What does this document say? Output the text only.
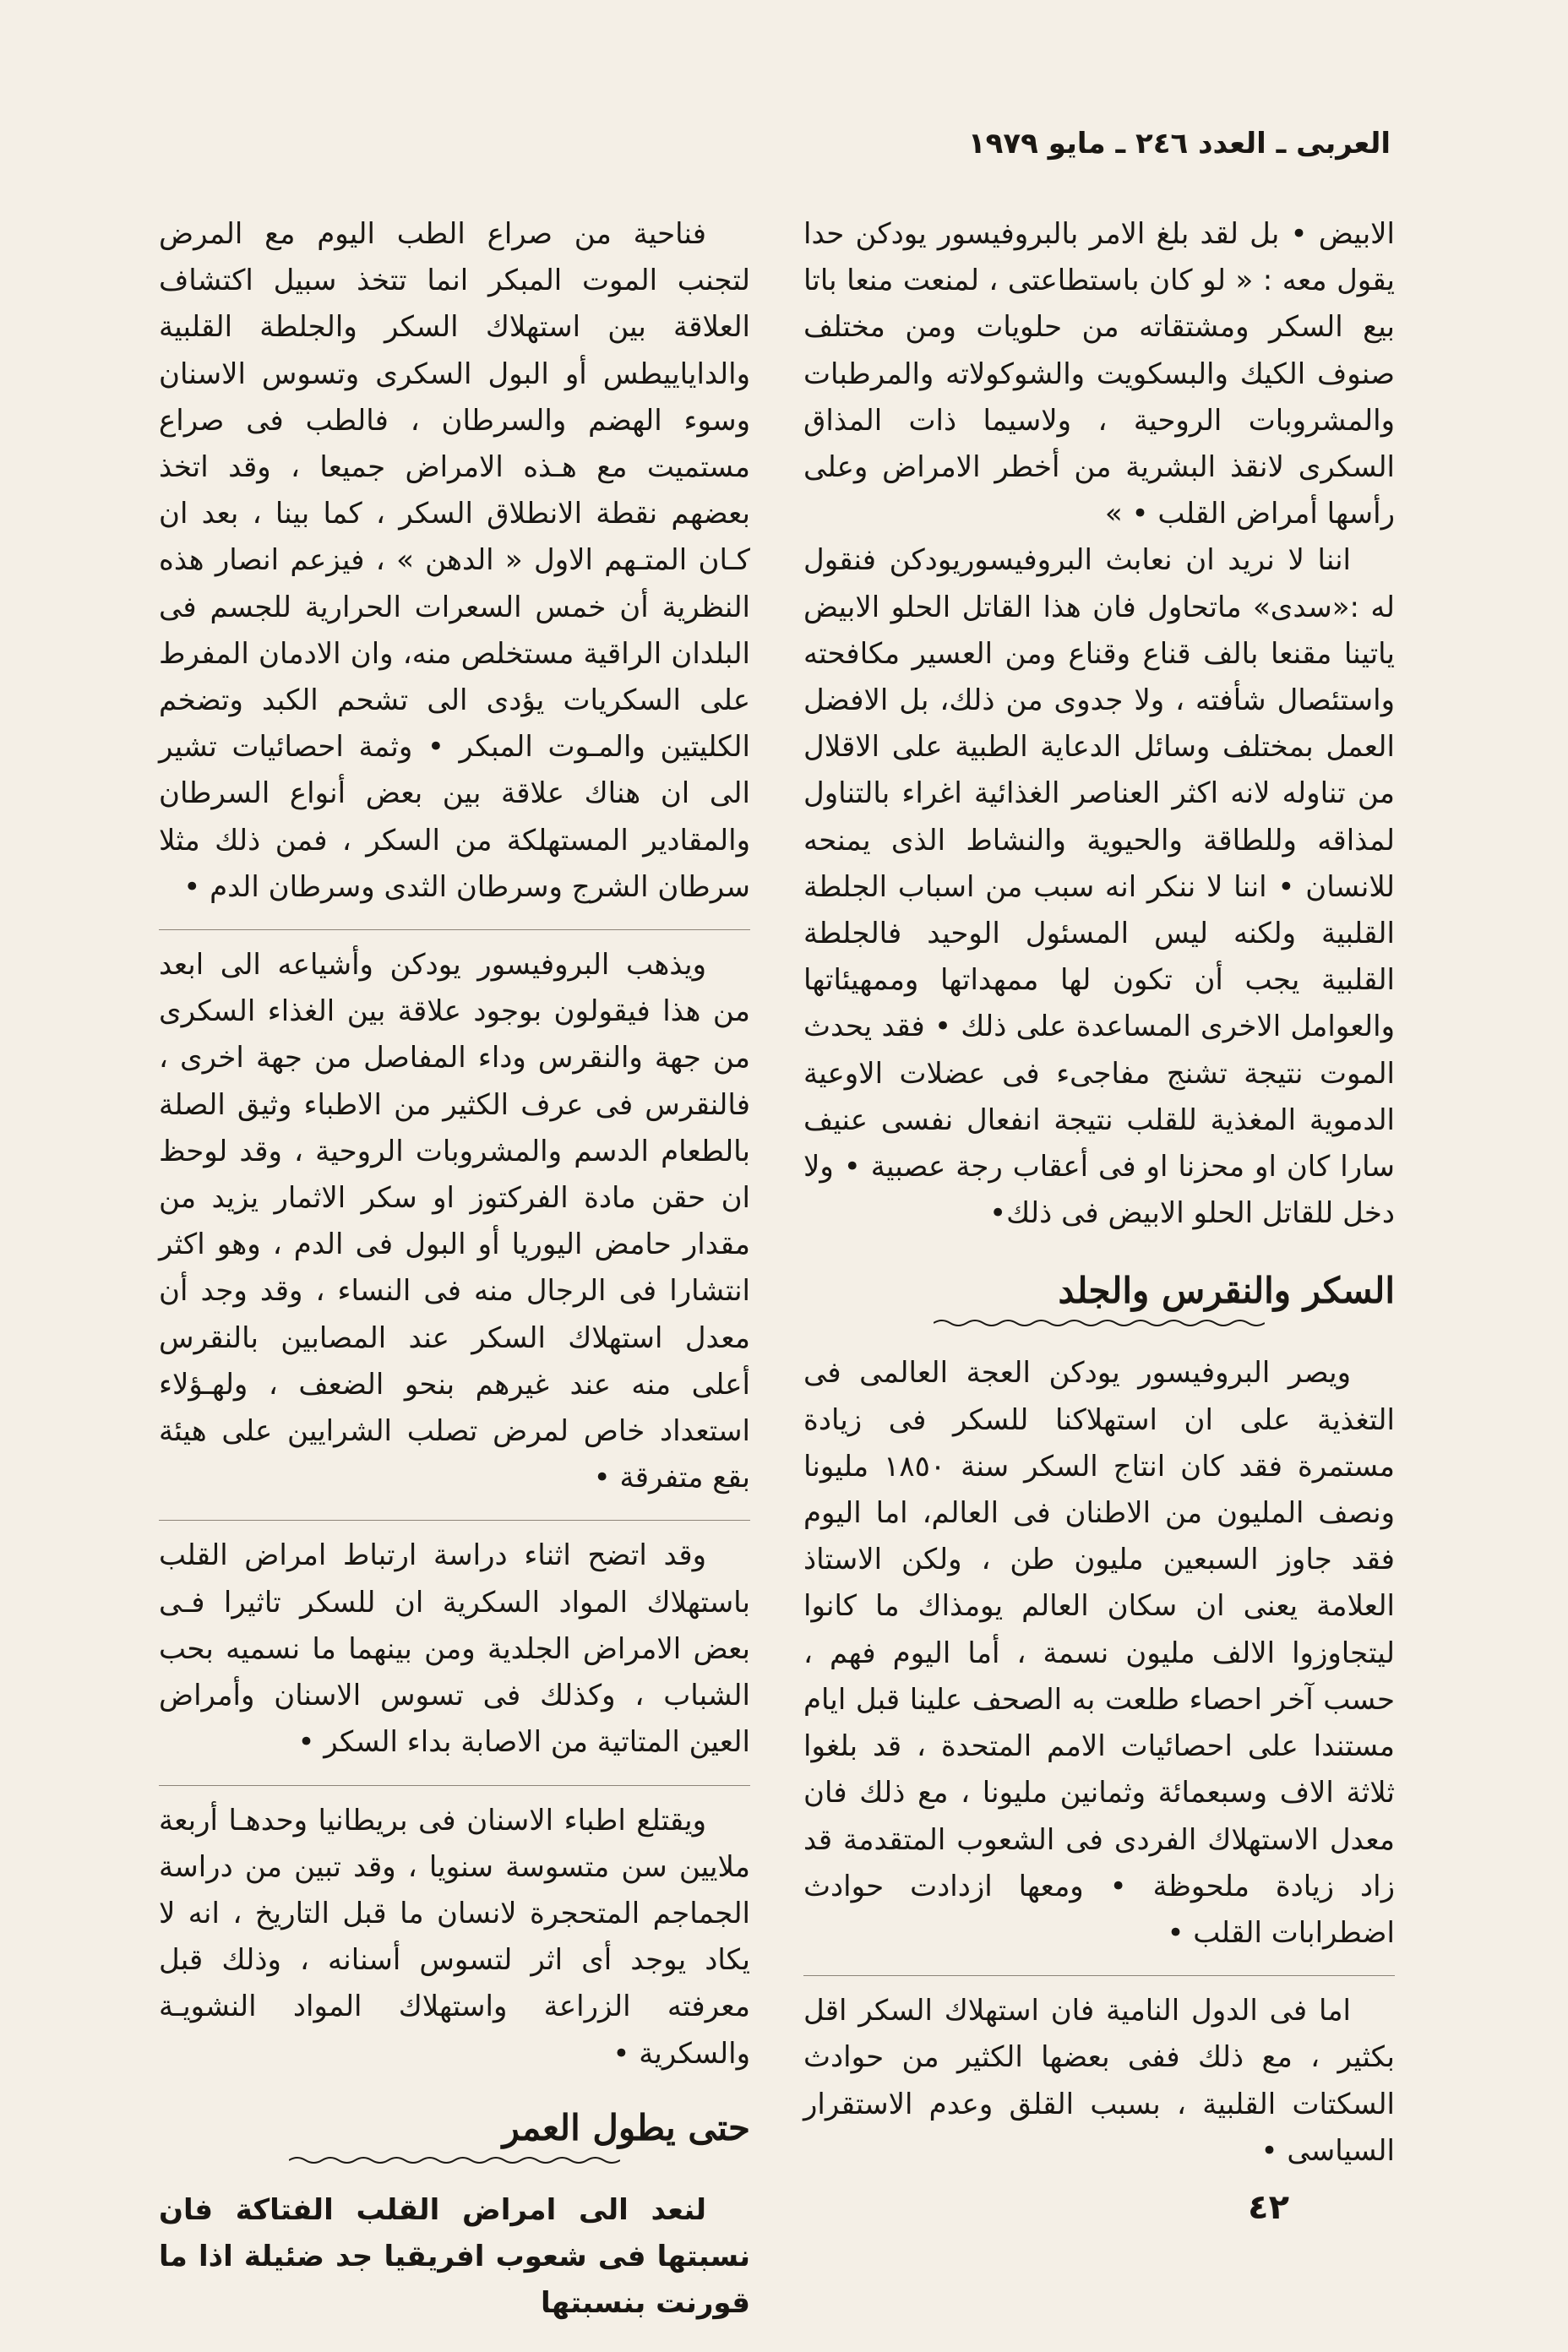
العربى ـ العدد ٢٤٦ ـ مايو ١٩٧٩

الابيض • بل لقد بلغ الامر بالبروفيسور يودكن حدا يقول معه : « لو كان باستطاعتى ، لمنعت منعا باتا بيع السكر ومشتقاته من حلويات ومن مختلف صنوف الكيك والبسكويت والشوكولاته والمرطبات والمشروبات الروحية ، ولاسيما ذات المذاق السكرى لانقذ البشرية من أخطر الامراض وعلى رأسها أمراض القلب • »

اننا لا نريد ان نعابث البروفيسوريودكن فنقول له :«سدى» ماتحاول فان هذا القاتل الحلو الابيض ياتينا مقنعا بالف قناع وقناع ومن العسير مكافحته واستئصال شأفته ، ولا جدوى من ذلك، بل الافضل العمل بمختلف وسائل الدعاية الطبية على الاقلال من تناوله لانه اكثر العناصر الغذائية اغراء بالتناول لمذاقه وللطاقة والحيوية والنشاط الذى يمنحه للانسان • اننا لا ننكر انه سبب من اسباب الجلطة القلبية ولكنه ليس المسئول الوحيد فالجلطة القلبية يجب أن تكون لها ممهداتها وممهيئاتها والعوامل الاخرى المساعدة على ذلك • فقد يحدث الموت نتيجة تشنج مفاجىء فى عضلات الاوعية الدموية المغذية للقلب نتيجة انفعال نفسى عنيف سارا كان او محزنا او فى أعقاب رجة عصبية • ولا دخل للقاتل الحلو الابيض فى ذلك•

السكر والنقرس والجلد

ويصر البروفيسور يودكن العجة العالمى فى التغذية على ان استهلاكنا للسكر فى زيادة مستمرة فقد كان انتاج السكر سنة ١٨٥٠ مليونا ونصف المليون من الاطنان فى العالم، اما اليوم فقد جاوز السبعين مليون طن ، ولكن الاستاذ العلامة يعنى ان سكان العالم يومذاك ما كانوا ليتجاوزوا الالف مليون نسمة ، أما اليوم فهم ، حسب آخر احصاء طلعت به الصحف علينا قبل ايام مستندا على احصائيات الامم المتحدة ، قد بلغوا ثلاثة الاف وسبعمائة وثمانين مليونا ، مع ذلك فان معدل الاستهلاك الفردى فى الشعوب المتقدمة قد زاد زيادة ملحوظة • ومعها ازدادت حوادث اضطرابات القلب •

اما فى الدول النامية فان استهلاك السكر اقل بكثير ، مع ذلك ففى بعضها الكثير من حوادث السكتات القلبية ، بسبب القلق وعدم الاستقرار السياسى •

فناحية من صراع الطب اليوم مع المرض لتجنب الموت المبكر انما تتخذ سبيل اكتشاف العلاقة بين استهلاك السكر والجلطة القلبية والداياييطس أو البول السكرى وتسوس الاسنان وسوء الهضم والسرطان ، فالطب فى صراع مستميت مع هـذه الامراض جميعا ، وقد اتخذ بعضهم نقطة الانطلاق السكر ، كما بينا ، بعد ان كـان المتـهم الاول « الدهن » ، فيزعم انصار هذه النظرية أن خمس السعرات الحرارية للجسم فى البلدان الراقية مستخلص منه، وان الادمان المفرط على السكريات يؤدى الى تشحم الكبد وتضخم الكليتين والمـوت المبكر • وثمة احصائيات تشير الى ان هناك علاقة بين بعض أنواع السرطان والمقادير المستهلكة من السكر ، فمن ذلك مثلا سرطان الشرج وسرطان الثدى وسرطان الدم •

ويذهب البروفيسور يودكن وأشياعه الى ابعد من هذا فيقولون بوجود علاقة بين الغذاء السكرى من جهة والنقرس وداء المفاصل من جهة اخرى ، فالنقرس فى عرف الكثير من الاطباء وثيق الصلة بالطعام الدسم والمشروبات الروحية ، وقد لوحظ ان حقن مادة الفركتوز او سكر الاثمار يزيد من مقدار حامض اليوريا أو البول فى الدم ، وهو اكثر انتشارا فى الرجال منه فى النساء ، وقد وجد أن معدل استهلاك السكر عند المصابين بالنقرس أعلى منه عند غيرهم بنحو الضعف ، ولهـؤلاء استعداد خاص لمرض تصلب الشرايين على هيئة بقع متفرقة •

وقد اتضح اثناء دراسة ارتباط امراض القلب باستهلاك المواد السكرية ان للسكر تاثيرا فـى بعض الامراض الجلدية ومن بينهما ما نسميه بحب الشباب ، وكذلك فى تسوس الاسنان وأمراض العين المتاتية من الاصابة بداء السكر •

ويقتلع اطباء الاسنان فى بريطانيا وحدهـا أربعة ملايين سن متسوسة سنويا ، وقد تبين من دراسة الجماجم المتحجرة لانسان ما قبل التاريخ ، انه لا يكاد يوجد أى اثر لتسوس أسنانه ، وذلك قبل معرفته الزراعة واستهلاك المواد النشويـة والسكرية •

حتى يطول العمر

لنعد الى امراض القلب الفتاكة فان نسبتها فى شعوب افريقيا جد ضئيلة اذا ما قورنت بنسبتها

٤٢
